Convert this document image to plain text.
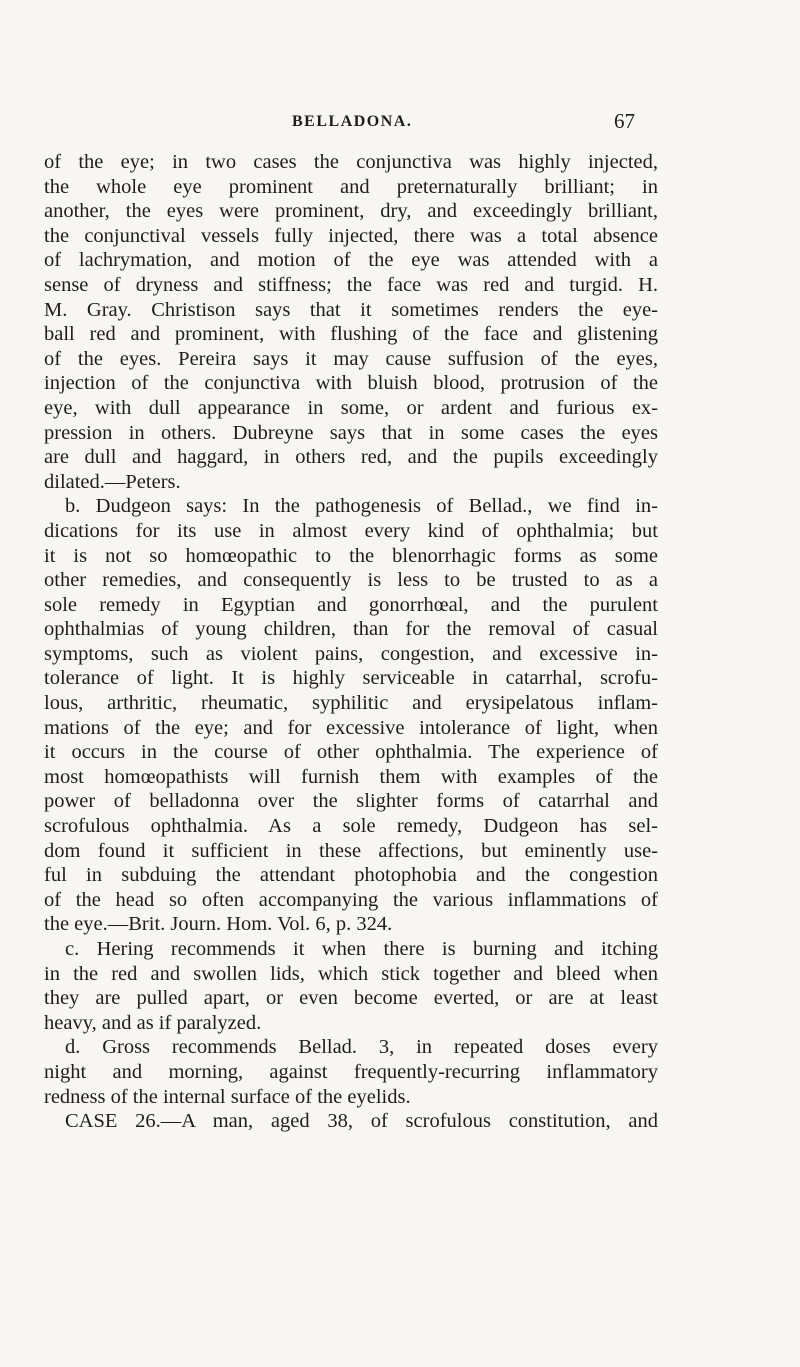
BELLADONA.	67
of the eye; in two cases the conjunctiva was highly injected,
the whole eye prominent and preternaturally brilliant; in
another, the eyes were prominent, dry, and exceedingly brilliant,
the conjunctival vessels fully injected, there was a total absence
of lachrymation, and motion of the eye was attended with a
sense of dryness and stiffness; the face was red and turgid. H.
M. Gray. Christison says that it sometimes renders the eye-
ball red and prominent, with flushing of the face and glistening
of the eyes. Pereira says it may cause suffusion of the eyes,
injection of the conjunctiva with bluish blood, protrusion of the
eye, with dull appearance in some, or ardent and furious ex-
pression in others. Dubreyne says that in some cases the eyes
are dull and haggard, in others red, and the pupils exceedingly
dilated.—Peters.
b. Dudgeon says: In the pathogenesis of Bellad., we find in-
dications for its use in almost every kind of ophthalmia; but
it is not so homœopathic to the blenorrhagic forms as some
other remedies, and consequently is less to be trusted to as a
sole remedy in Egyptian and gonorrhœal, and the purulent
ophthalmias of young children, than for the removal of casual
symptoms, such as violent pains, congestion, and excessive in-
tolerance of light. It is highly serviceable in catarrhal, scrofu-
lous, arthritic, rheumatic, syphilitic and erysipelatous inflam-
mations of the eye; and for excessive intolerance of light, when
it occurs in the course of other ophthalmia. The experience of
most homœopathists will furnish them with examples of the
power of belladonna over the slighter forms of catarrhal and
scrofulous ophthalmia. As a sole remedy, Dudgeon has sel-
dom found it sufficient in these affections, but eminently use-
ful in subduing the attendant photophobia and the congestion
of the head so often accompanying the various inflammations of
the eye.—Brit. Journ. Hom. Vol. 6, p. 324.
c. Hering recommends it when there is burning and itching
in the red and swollen lids, which stick together and bleed when
they are pulled apart, or even become everted, or are at least
heavy, and as if paralyzed.
d. Gross recommends Bellad. 3, in repeated doses every
night and morning, against frequently-recurring inflammatory
redness of the internal surface of the eyelids.
CASE 26.—A man, aged 38, of scrofulous constitution, and
